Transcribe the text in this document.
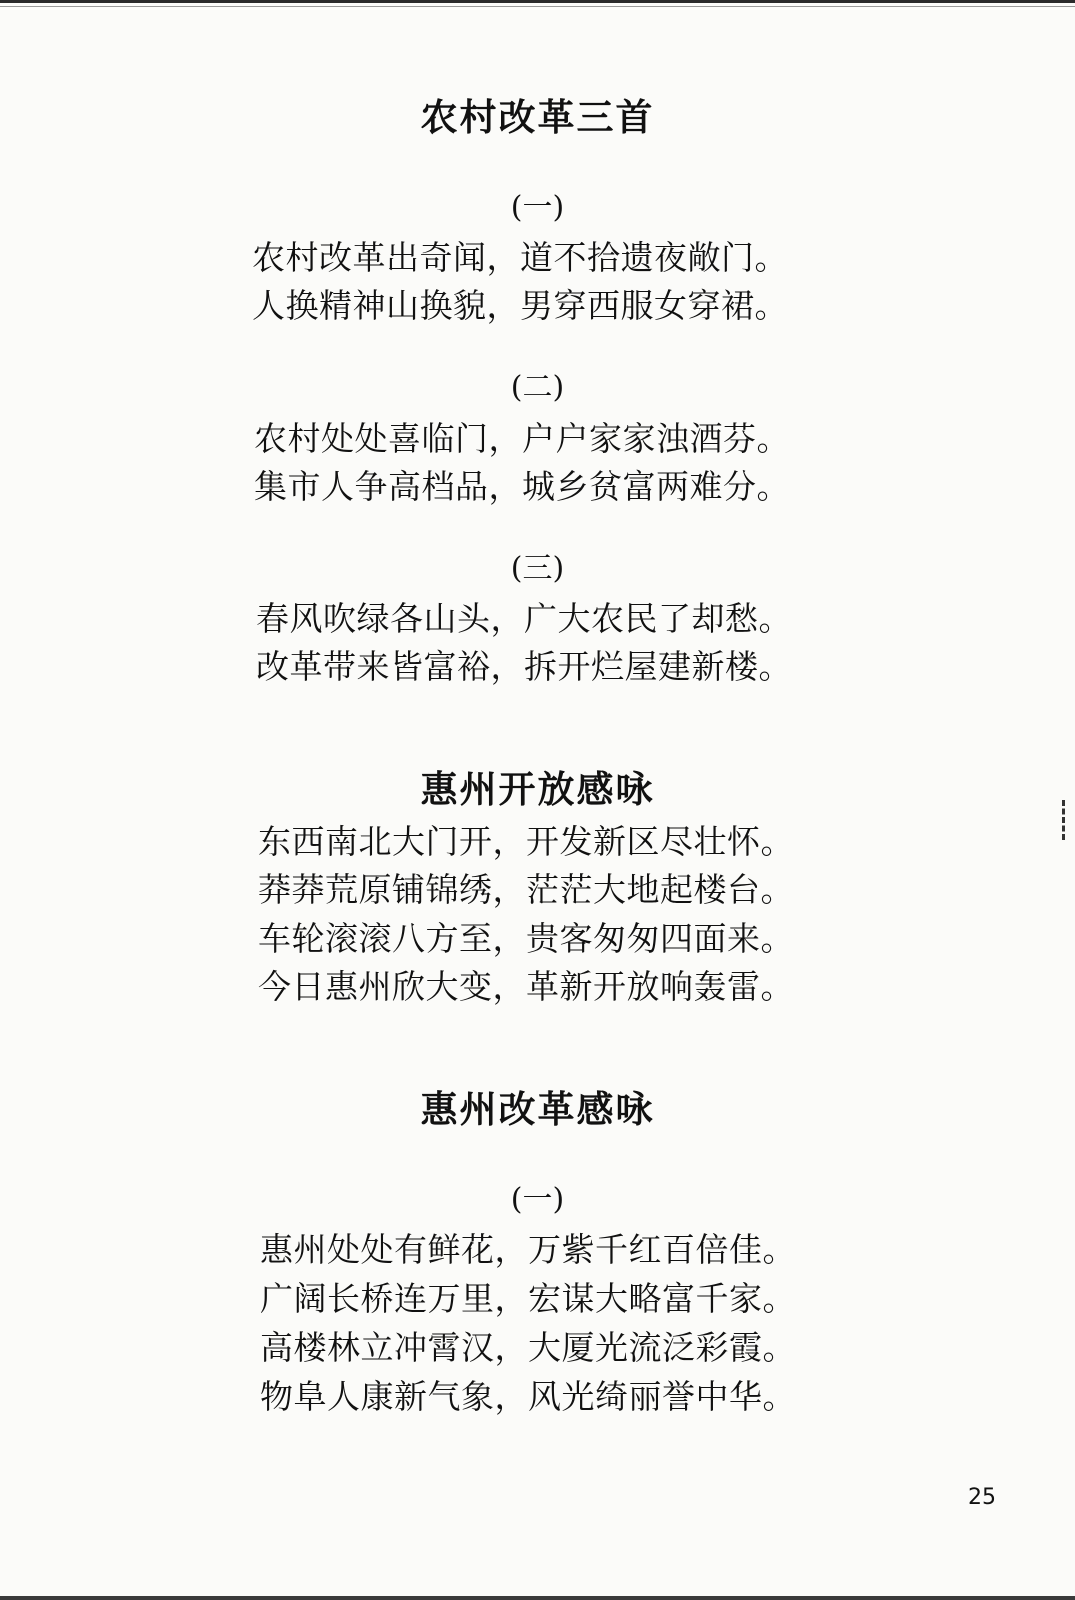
农村改革三首
(一)
农村改革出奇闻，道不拾遗夜敞门。
人换精神山换貌，男穿西服女穿裙。
(二)
农村处处喜临门，户户家家浊酒芬。
集市人争高档品，城乡贫富两难分。
(三)
春风吹绿各山头，广大农民了却愁。
改革带来皆富裕，拆开烂屋建新楼。
惠州开放感咏
东西南北大门开，开发新区尽壮怀。
莽莽荒原铺锦绣，茫茫大地起楼台。
车轮滚滚八方至，贵客匆匆四面来。
今日惠州欣大变，革新开放响轰雷。
惠州改革感咏
(一)
惠州处处有鲜花，万紫千红百倍佳。
广阔长桥连万里，宏谋大略富千家。
高楼林立冲霄汉，大厦光流泛彩霞。
物阜人康新气象，风光绮丽誉中华。
25
